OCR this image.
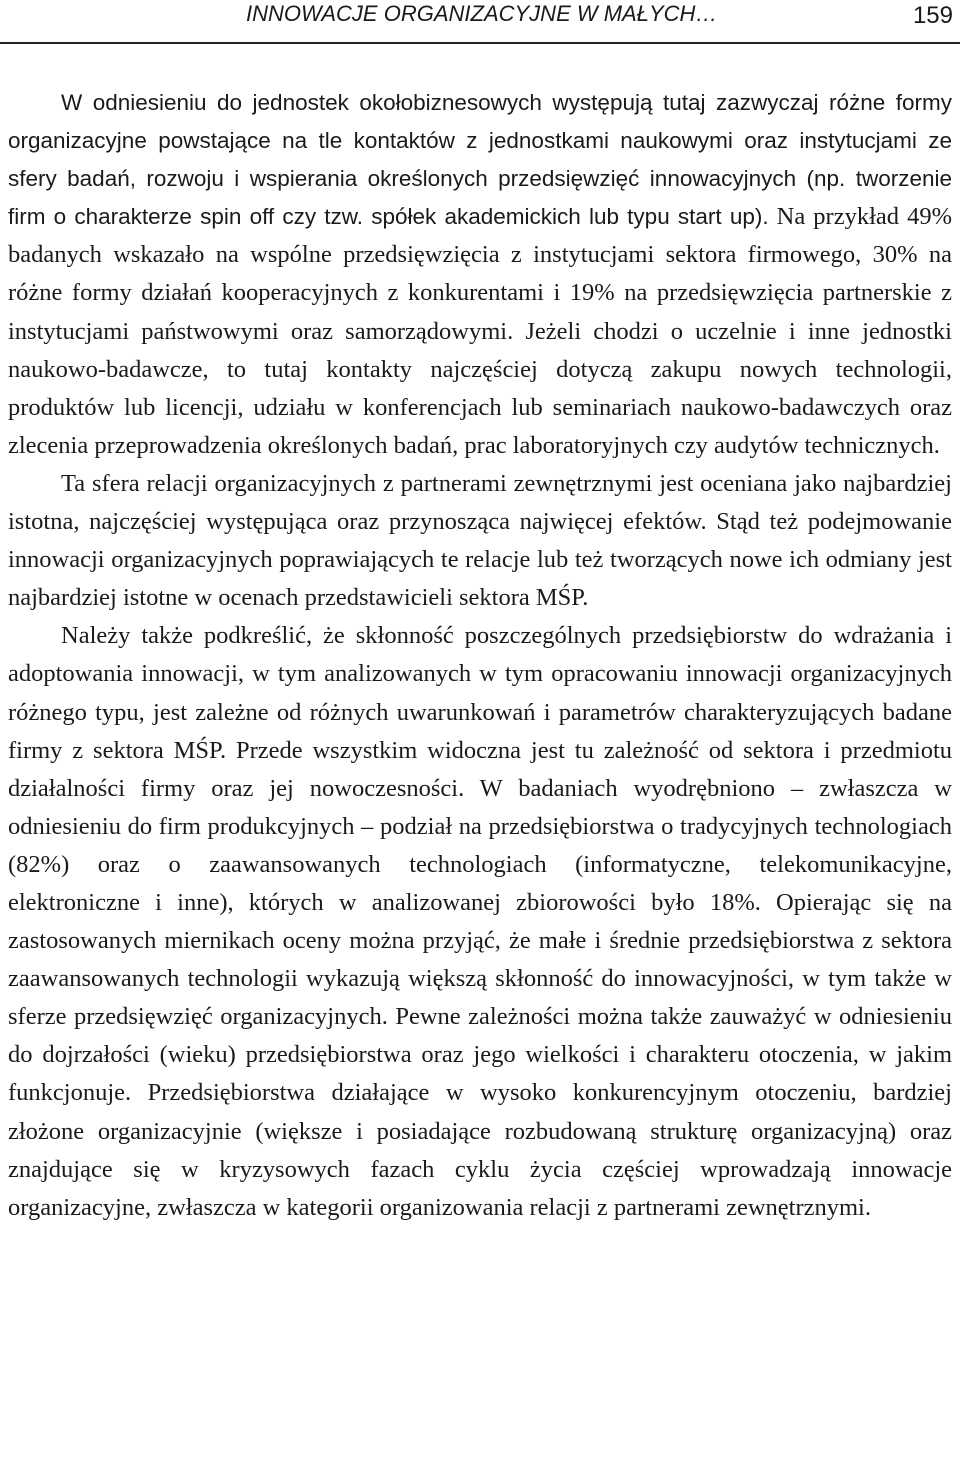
INNOWACJE ORGANIZACYJNE W MAŁYCH…	159

W odniesieniu do jednostek okołobiznesowych występują tutaj zazwyczaj różne formy organizacyjne powstające na tle kontaktów z jednostkami naukowymi oraz instytucjami ze sfery badań, rozwoju i wspierania określonych przedsięwzięć innowacyjnych (np. tworzenie firm o charakterze spin off czy tzw. spółek akademickich lub typu start up). Na przykład 49% badanych wskazało na wspólne przedsięwzięcia z instytucjami sektora firmowego, 30% na różne formy działań kooperacyjnych z konkurentami i 19% na przedsięwzięcia partnerskie z instytucjami państwowymi oraz samorządowymi. Jeżeli chodzi o uczelnie i inne jednostki naukowo-badawcze, to tutaj kontakty najczęściej dotyczą zakupu nowych technologii, produktów lub licencji, udziału w konferencjach lub seminariach naukowo-badawczych oraz zlecenia przeprowadzenia określonych badań, prac laboratoryjnych czy audytów technicznych.

Ta sfera relacji organizacyjnych z partnerami zewnętrznymi jest oceniana jako najbardziej istotna, najczęściej występująca oraz przynosząca najwięcej efektów. Stąd też podejmowanie innowacji organizacyjnych poprawiających te relacje lub też tworzących nowe ich odmiany jest najbardziej istotne w ocenach przedstawicieli sektora MŚP.

Należy także podkreślić, że skłonność poszczególnych przedsiębiorstw do wdrażania i adoptowania innowacji, w tym analizowanych w tym opracowaniu innowacji organizacyjnych różnego typu, jest zależne od różnych uwarunkowań i parametrów charakteryzujących badane firmy z sektora MŚP. Przede wszystkim widoczna jest tu zależność od sektora i przedmiotu działalności firmy oraz jej nowoczesności. W badaniach wyodrębniono – zwłaszcza w odniesieniu do firm produkcyjnych – podział na przedsiębiorstwa o tradycyjnych technologiach (82%) oraz o zaawansowanych technologiach (informatyczne, telekomunikacyjne, elektroniczne i inne), których w analizowanej zbiorowości było 18%. Opierając się na zastosowanych miernikach oceny można przyjąć, że małe i średnie przedsiębiorstwa z sektora zaawansowanych technologii wykazują większą skłonność do innowacyjności, w tym także w sferze przedsięwzięć organizacyjnych. Pewne zależności można także zauważyć w odniesieniu do dojrzałości (wieku) przedsiębiorstwa oraz jego wielkości i charakteru otoczenia, w jakim funkcjonuje. Przedsiębiorstwa działające w wysoko konkurencyjnym otoczeniu, bardziej złożone organizacyjnie (większe i posiadające rozbudowaną strukturę organizacyjną) oraz znajdujące się w kryzysowych fazach cyklu życia częściej wprowadzają innowacje organizacyjne, zwłaszcza w kategorii organizowania relacji z partnerami zewnętrznymi.
